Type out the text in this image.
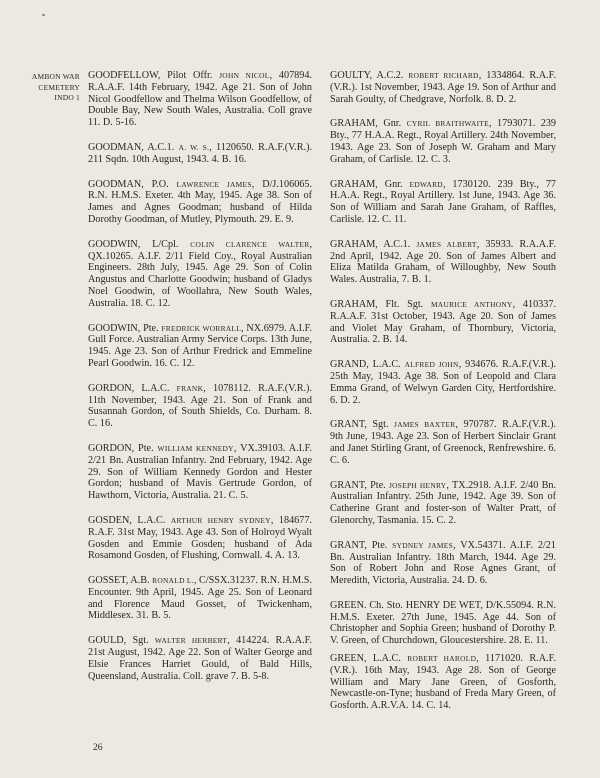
AMBON WAR
CEMETERY
INDO 1

GOODFELLOW, Pilot Offr. JOHN NICOL, 407894. R.A.A.F. 14th February, 1942. Age 21. Son of John Nicol Goodfellow and Thelma Wilson Goodfellow, of Double Bay, New South Wales, Australia. Coll grave 11. D. 5-16.

GOODMAN, A.C.1. A. W. S., 1120650. R.A.F.(V.R.). 211 Sqdn. 10th August, 1943. 4. B. 16.

GOODMAN, P.O. LAWRENCE JAMES, D/J.106065. R.N. H.M.S. Exeter. 4th May, 1945. Age 38. Son of James and Agnes Goodman; husband of Hilda Dorothy Goodman, of Mutley, Plymouth. 29. E. 9.

GOODWIN, L/Cpl. COLIN CLARENCE WALTER, QX.10265. A.I.F. 2/11 Field Coy., Royal Australian Engineers. 28th July, 1945. Age 29. Son of Colin Angustus and Charlotte Goodwin; husband of Gladys Noel Goodwin, of Woollahra, New South Wales, Australia. 18. C. 12.

GOODWIN, Pte. FREDRICK WORRALL, NX.6979. A.I.F. Gull Force. Australian Army Service Corps. 13th June, 1945. Age 23. Son of Arthur Fredrick and Emmeline Pearl Goodwin. 16. C. 12.

GORDON, L.A.C. FRANK, 1078112. R.A.F.(V.R.). 11th November, 1943. Age 21. Son of Frank and Susannah Gordon, of South Shields, Co. Durham. 8. C. 16.

GORDON, Pte. WILLIAM KENNEDY, VX.39103. A.I.F. 2/21 Bn. Australian Infantry. 2nd February, 1942. Age 29. Son of William Kennedy Gordon and Hester Gordon; husband of Mavis Gertrude Gordon, of Hawthorn, Victoria, Australia. 21. C. 5.

GOSDEN, L.A.C. ARTHUR HENRY SYDNEY, 184677. R.A.F. 31st May, 1943. Age 43. Son of Holroyd Wyalt Gosden and Emmie Gosden; husband of Ada Rosamond Gosden, of Flushing, Cornwall. 4. A. 13.

GOSSET, A.B. RONALD L., C/SSX.31237. R.N. H.M.S. Encounter. 9th April, 1945. Age 25. Son of Leonard and Florence Maud Gosset, of Twickenham, Middlesex. 31. B. 5.

GOULD, Sgt. WALTER HERBERT, 414224. R.A.A.F. 21st August, 1942. Age 22. Son of Walter George and Elsie Frances Harriet Gould, of Bald Hills, Queensland, Australia. Coll. grave 7. B. 5-8.

GOULTY, A.C.2. ROBERT RICHARD, 1334864. R.A.F.(V.R.). 1st November, 1943. Age 19. Son of Arthur and Sarah Goulty, of Chedgrave, Norfolk. 8. D. 2.

GRAHAM, Gnr. CYRIL BRAITHWAITE, 1793071. 239 Bty., 77 H.A.A. Regt., Royal Artillery. 24th November, 1943. Age 23. Son of Joseph W. Graham and Mary Graham, of Carlisle. 12. C. 3.

GRAHAM, Gnr. EDWARD, 1730120. 239 Bty., 77 H.A.A. Regt., Royal Artillery. 1st June, 1943. Age 36. Son of William and Sarah Jane Graham, of Raffles, Carlisle. 12. C. 11.

GRAHAM, A.C.1. JAMES ALBERT, 35933. R.A.A.F. 2nd April, 1942. Age 20. Son of James Albert and Eliza Matilda Graham, of Willoughby, New South Wales. Australia, 7. B. 1.

GRAHAM, Flt. Sgt. MAURICE ANTHONY, 410337. R.A.A.F. 31st October, 1943. Age 20. Son of James and Violet May Graham, of Thornbury, Victoria, Australia. 2. B. 14.

GRAND, L.A.C. ALFRED JOHN, 934676. R.A.F.(V.R.). 25th May, 1943. Age 38. Son of Leopold and Clara Emma Grand, of Welwyn Garden City, Hertfordshire. 6. D. 2.

GRANT, Sgt. JAMES BAXTER, 970787. R.A.F.(V.R.). 9th June, 1943. Age 23. Son of Herbert Sinclair Grant and Janet Stirling Grant, of Greenock, Renfrewshire. 6. C. 6.

GRANT, Pte. JOSEPH HENRY, TX.2918. A.I.F. 2/40 Bn. Australian Infantry. 25th June, 1942. Age 39. Son of Catherine Grant and foster-son of Walter Pratt, of Glenorchy, Tasmania. 15. C. 2.

GRANT, Pte. SYDNEY JAMES, VX.54371. A.I.F. 2/21 Bn. Australian Infantry. 18th March, 1944. Age 29. Son of Robert John and Rose Agnes Grant, of Meredith, Victoria, Australia. 24. D. 6.

GREEN. Ch. Sto. HENRY DE WET, D/K.55094. R.N. H.M.S. Exeter. 27th June, 1945. Age 44. Son of Christopher and Sophia Green; husband of Dorothy P. V. Green, of Churchdown, Gloucestershire. 28. E. 11.

GREEN, L.A.C. ROBERT HAROLD, 1171020. R.A.F.(V.R.). 16th May, 1943. Age 28. Son of George William and Mary Jane Green, of Gosforth, Newcastle-on-Tyne; husband of Freda Mary Green, of Gosforth. A.R.V.A. 14. C. 14.

26
